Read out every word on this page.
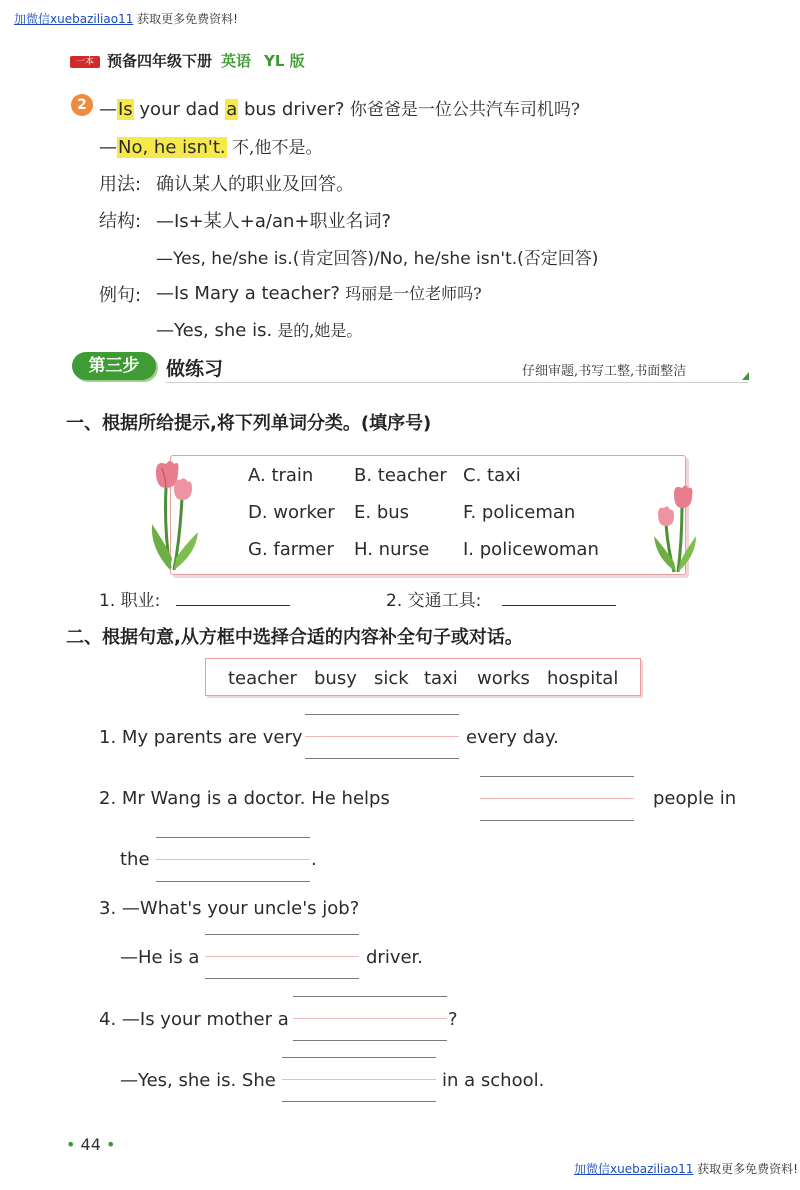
加微信xuebaziliao11 获取更多免费资料!
加微信xuebaziliao11 获取更多免费资料!
一本 预备四年级下册 英语 YL 版
2 —Is your dad a bus driver? 你爸爸是一位公共汽车司机吗?
—No, he isn't. 不,他不是。
用法: 确认某人的职业及回答。
结构: —Is+某人+a/an+职业名词?
—Yes, he/she is.(肯定回答)/No, he/she isn't.(否定回答)
例句: —Is Mary a teacher? 玛丽是一位老师吗?
—Yes, she is. 是的,她是。
第三步	做练习	仔细审题,书写工整,书面整洁
一、根据所给提示,将下列单词分类。(填序号)
A. train B. teacher C. taxi
D. worker E. bus	F. policeman
G. farmer H. nurse I. policewoman
1. 职业:	2. 交通工具:
二、根据句意,从方框中选择合适的内容补全句子或对话。
teacher busy sick taxi works hospital
1. My parents are very	every day.
2. Mr Wang is a doctor. He helps	people in
the	.
3. —What's your uncle's job?
—He is a	driver.
4. —Is your mother a	?
—Yes, she is. She	in a school.
• 44 •
